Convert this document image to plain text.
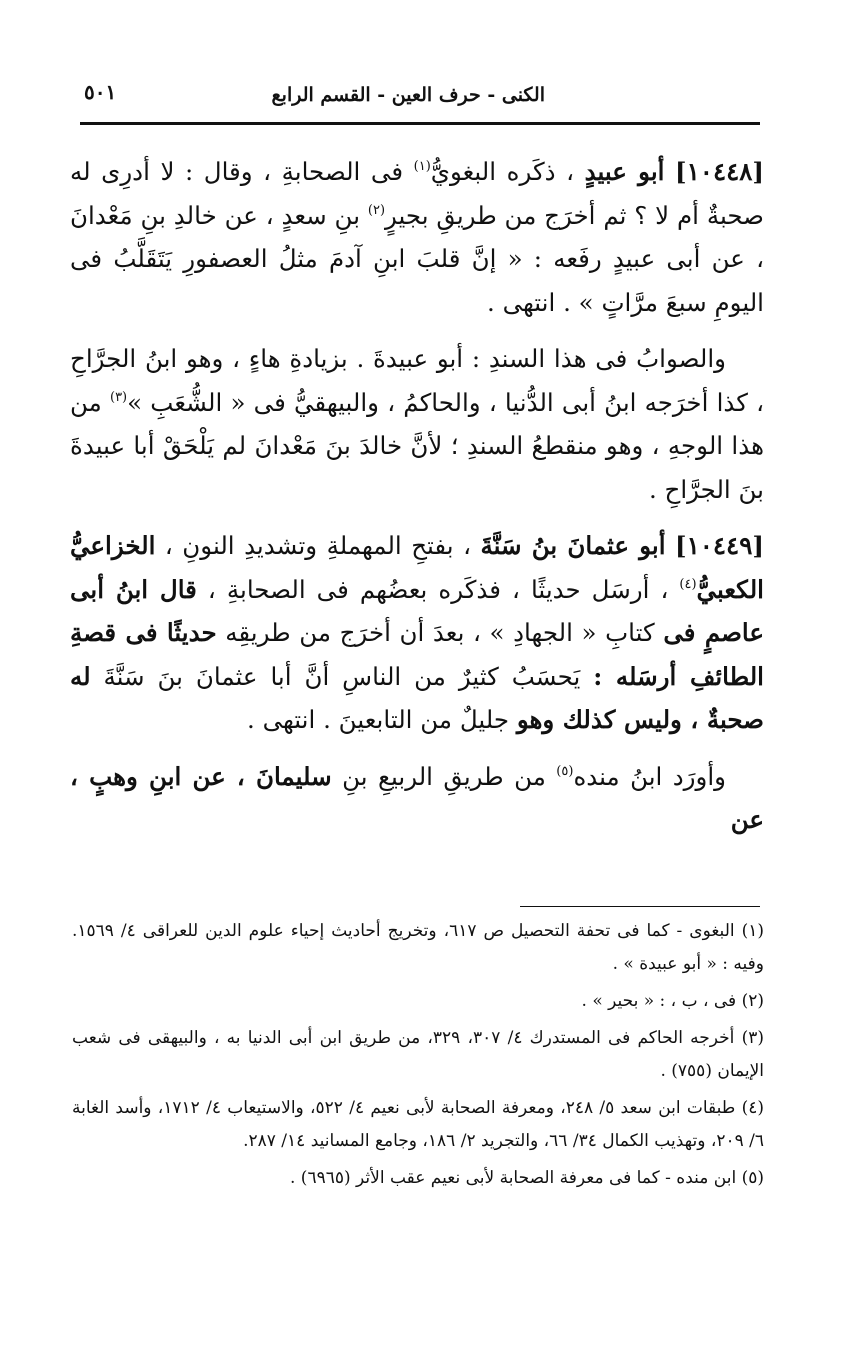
الكنى - حرف العين - القسم الرابع
٥٠١

[١٠٤٤٨] أبو عبيدٍ ، ذكَره البغويُّ$^{(١)}$ فى الصحابةِ ، وقال : لا أدرِى له صحبةٌ أم لا ؟ ثم أخرَج من طريقِ بجيرٍ$^{(٢)}$ بنِ سعدٍ ، عن خالدِ بنِ مَعْدانَ ، عن أبى عبيدٍ رفَعه : « إنَّ قلبَ ابنِ آدمَ مثلُ العصفورِ يَتَقَلَّبُ فى اليومِ سبعَ مرَّاتٍ » . انتهى .

والصوابُ فى هذا السندِ : أبو عبيدةَ . بزيادةِ هاءٍ ، وهو ابنُ الجرَّاحِ ، كذا أخرَجه ابنُ أبى الدُّنيا ، والحاكمُ ، والبيهقيُّ فى « الشُّعَبِ »$^{(٣)}$ من هذا الوجهِ ، وهو منقطعُ السندِ ؛ لأنَّ خالدَ بنَ مَعْدانَ لم يَلْحَقْ أبا عبيدةَ بنَ الجرَّاحِ .

[١٠٤٤٩] أبو عثمانَ بنُ سَنَّةَ ، بفتحِ المهملةِ وتشديدِ النونِ ، الخزاعيُّ الكعبيُّ$^{(٤)}$ ، أرسَل حديثًا ، فذكَره بعضُهم فى الصحابةِ ، قال ابنُ أبى عاصمٍ فى كتابِ « الجهادِ » ، بعدَ أن أخرَج من طريقِه حديثًا فى قصةِ الطائفِ أرسَله : يَحسَبُ كثيرٌ من الناسِ أنَّ أبا عثمانَ بنَ سَنَّةَ له صحبةٌ ، وليس كذلك وهو جليلٌ من التابعينَ . انتهى .

وأورَد ابنُ منده$^{(٥)}$ من طريقِ الربيعِ بنِ سليمانَ ، عن ابنِ وهبٍ ، عن

(١) البغوى - كما فى تحفة التحصيل ص ٦١٧، وتخريج أحاديث إحياء علوم الدين للعراقى ٤/ ١٥٦٩. وفيه : « أبو عبيدة » .
(٢) فى ، ب ، : « بحير » .
(٣) أخرجه الحاكم فى المستدرك ٤/ ٣٠٧، ٣٢٩، من طريق ابن أبى الدنيا به ، والبيهقى فى شعب الإيمان (٧٥٥) .
(٤) طبقات ابن سعد ٥/ ٢٤٨، ومعرفة الصحابة لأبى نعيم ٤/ ٥٢٢، والاستيعاب ٤/ ١٧١٢، وأسد الغابة ٦/ ٢٠٩، وتهذيب الكمال ٣٤/ ٦٦، والتجريد ٢/ ١٨٦، وجامع المسانيد ١٤/ ٢٨٧.
(٥) ابن منده - كما فى معرفة الصحابة لأبى نعيم عقب الأثر (٦٩٦٥) .
